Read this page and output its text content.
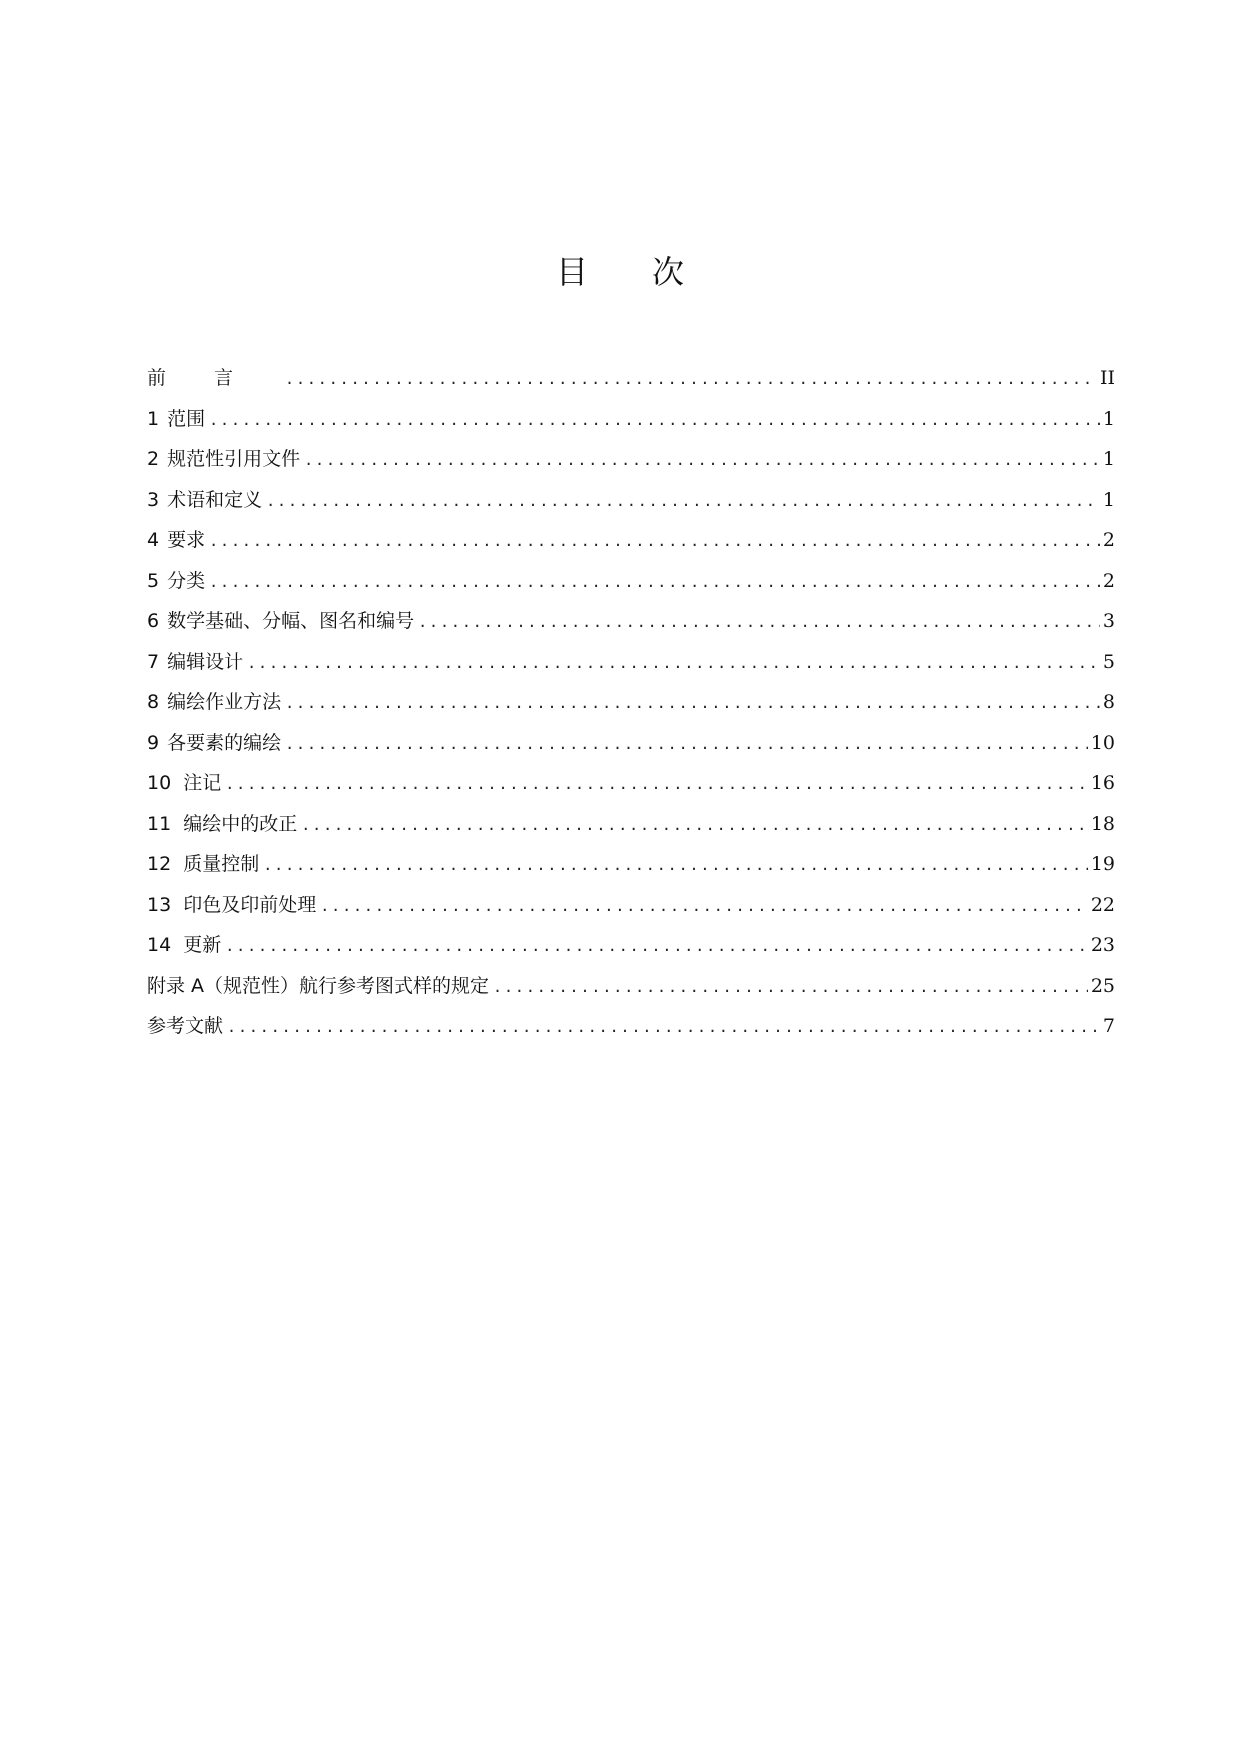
目 次
前言 .....	II
1 范围 .....	1
2 规范性引用文件 .....	1
3 术语和定义 .....	1
4 要求 .....	2
5 分类 .....	2
6 数学基础、分幅、图名和编号 .....	3
7 编辑设计 .....	5
8 编绘作业方法 .....	8
9 各要素的编绘 .....	10
10 注记 .....	16
11 编绘中的改正 .....	18
12 质量控制 .....	19
13 印色及印前处理 .....	22
14 更新 .....	23
附录 A（规范性）航行参考图式样的规定 .....	25
参考文献 .....	7
